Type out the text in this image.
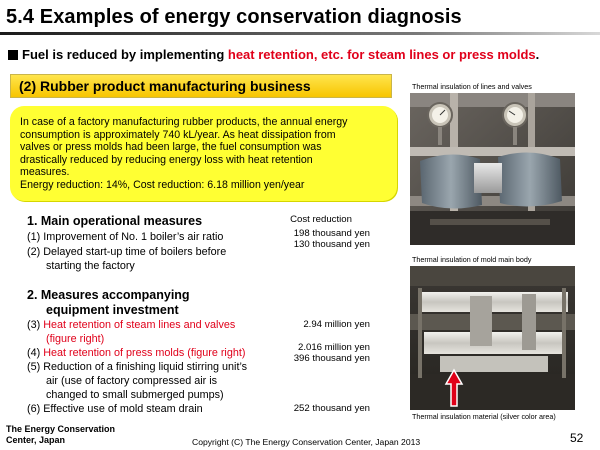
5.4 Examples of energy conservation diagnosis
Fuel is reduced by implementing heat retention, etc. for steam lines or press molds.
(2) Rubber product manufacturing business
In case of a factory manufacturing rubber products, the annual energy
consumption is approximately 740 kL/year. As heat dissipation from
valves or press molds had been large, the fuel consumption was
drastically reduced by reducing energy loss with heat retention
measures.
Energy reduction: 14%, Cost reduction: 6.18 million yen/year
1. Main operational measures	Cost reduction
(1) Improvement of No. 1 boiler’s air ratio	198 thousand yen
(2) Delayed start-up time of boilers before
starting the factory
130 thousand yen
2. Measures accompanying
equipment investment
(3) Heat retention of steam lines and valves
(figure right)
2.94 million yen
(4) Heat retention of press molds (figure right)	2.016 million yen
(5) Reduction of a finishing liquid stirring unit’s
air (use of factory compressed air is
changed to small submerged pumps)
396 thousand yen
(6) Effective use of mold steam drain	252 thousand yen
Thermal insulation of lines and valves
Thermal insulation of mold main body
Thermal insulation material (silver color area)
The Energy Conservation
Center, Japan	Copyright (C) The Energy Conservation Center, Japan 2013	52
